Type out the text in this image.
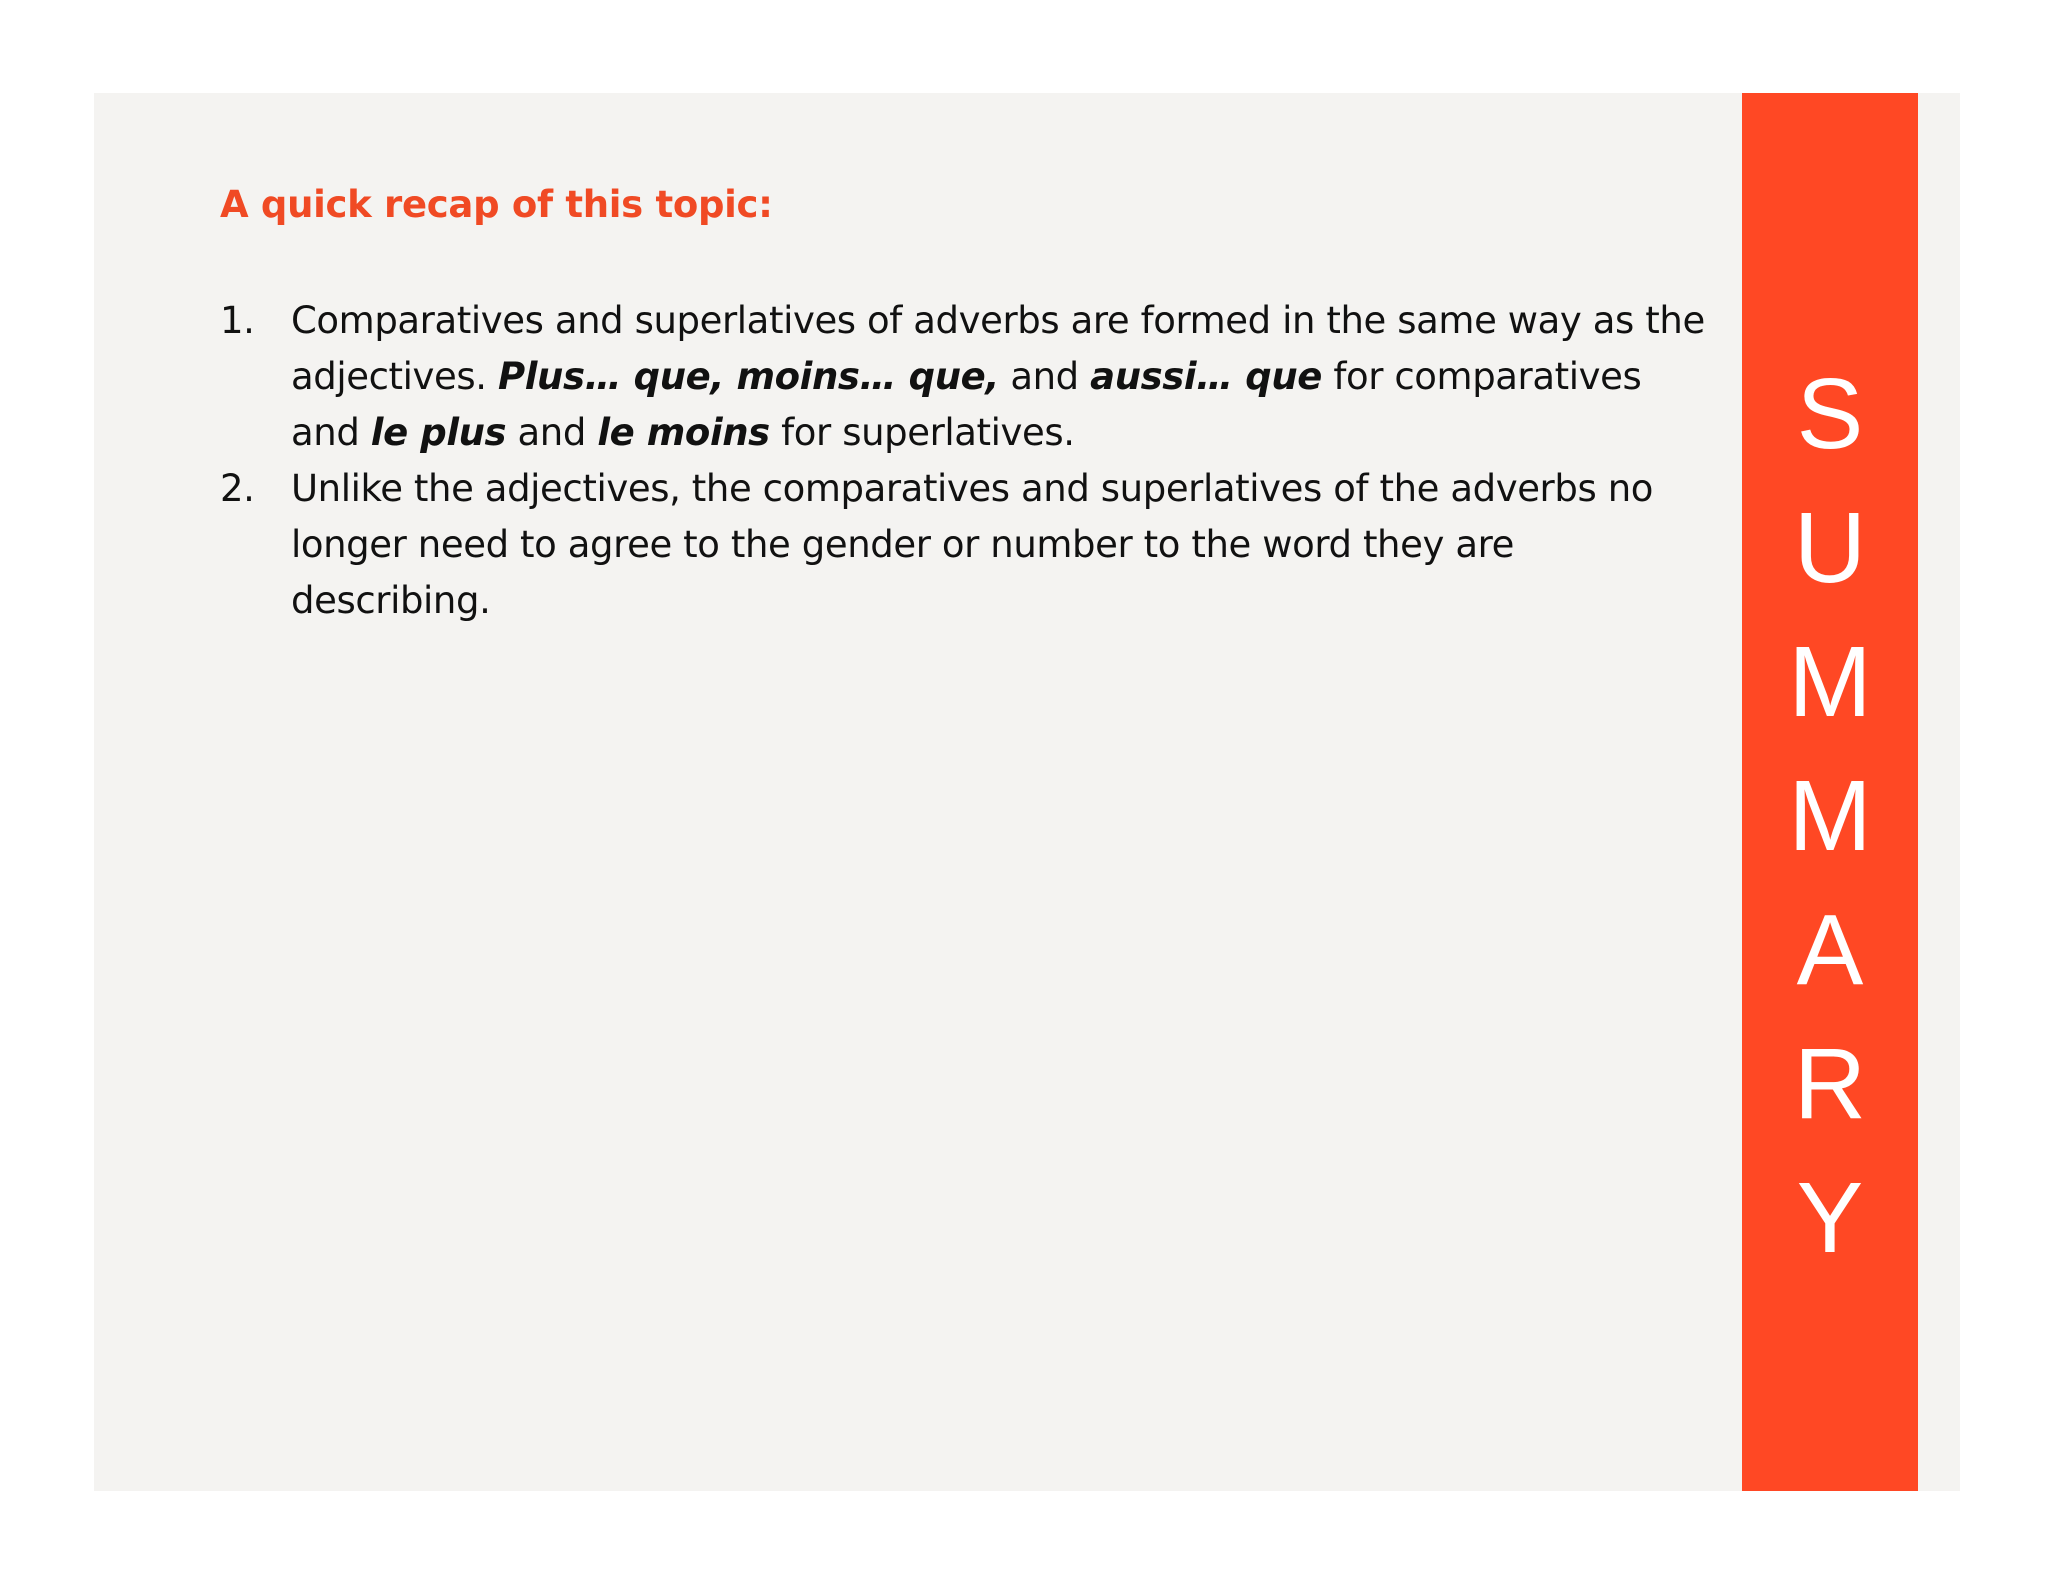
A quick recap of this topic:
1. Comparatives and superlatives of adverbs are formed in the same way as the adjectives. Plus… que, moins… que, and aussi… que for comparatives and le plus and le moins for superlatives.
2. Unlike the adjectives, the comparatives and superlatives of the adverbs no longer need to agree to the gender or number to the word they are describing.
S
U
M
M
A
R
Y
